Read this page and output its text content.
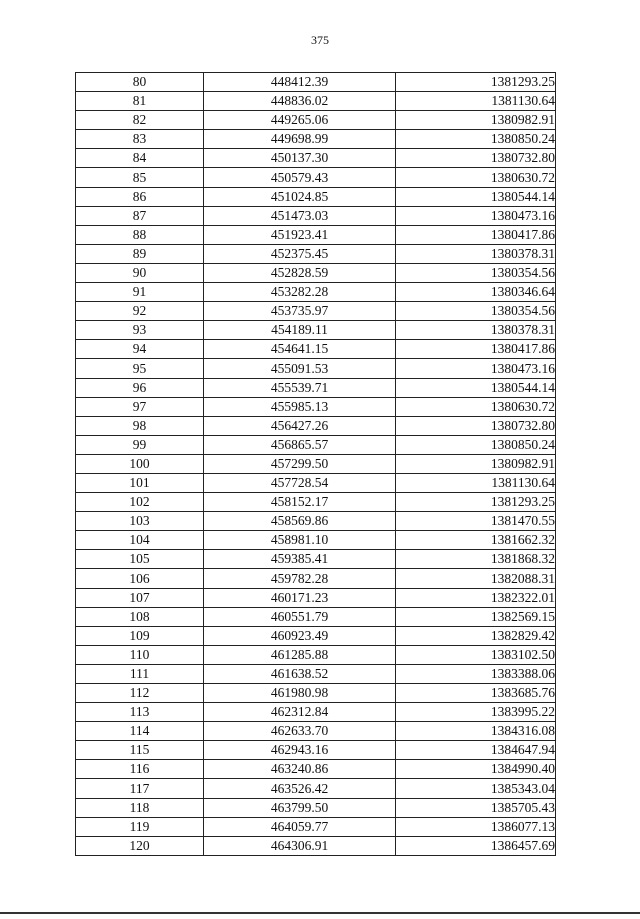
375
80	448412.39	1381293.25
81	448836.02	1381130.64
82	449265.06	1380982.91
83	449698.99	1380850.24
84	450137.30	1380732.80
85	450579.43	1380630.72
86	451024.85	1380544.14
87	451473.03	1380473.16
88	451923.41	1380417.86
89	452375.45	1380378.31
90	452828.59	1380354.56
91	453282.28	1380346.64
92	453735.97	1380354.56
93	454189.11	1380378.31
94	454641.15	1380417.86
95	455091.53	1380473.16
96	455539.71	1380544.14
97	455985.13	1380630.72
98	456427.26	1380732.80
99	456865.57	1380850.24
100	457299.50	1380982.91
101	457728.54	1381130.64
102	458152.17	1381293.25
103	458569.86	1381470.55
104	458981.10	1381662.32
105	459385.41	1381868.32
106	459782.28	1382088.31
107	460171.23	1382322.01
108	460551.79	1382569.15
109	460923.49	1382829.42
110	461285.88	1383102.50
111	461638.52	1383388.06
112	461980.98	1383685.76
113	462312.84	1383995.22
114	462633.70	1384316.08
115	462943.16	1384647.94
116	463240.86	1384990.40
117	463526.42	1385343.04
118	463799.50	1385705.43
119	464059.77	1386077.13
120	464306.91	1386457.69
